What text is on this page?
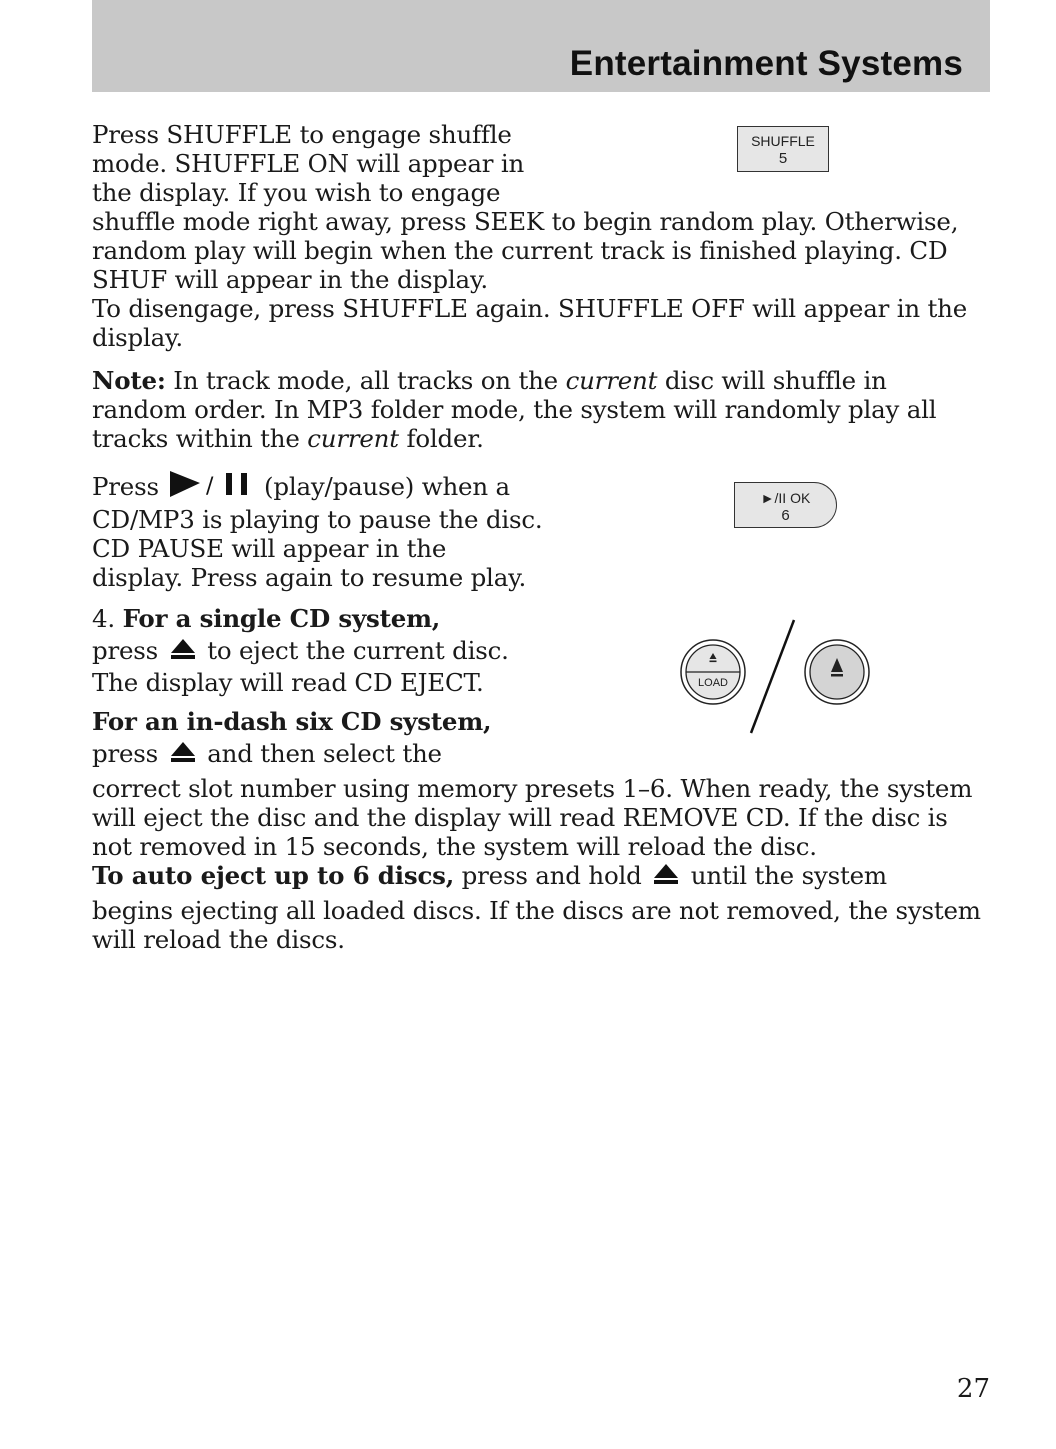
Entertainment Systems
Press SHUFFLE to engage shuffle
mode. SHUFFLE ON will appear in
the display. If you wish to engage
shuffle mode right away, press SEEK to begin random play. Otherwise,
random play will begin when the current track is finished playing. CD
SHUF will appear in the display.
To disengage, press SHUFFLE again. SHUFFLE OFF will appear in the
display.
SHUFFLE
5
Note: In track mode, all tracks on the current disc will shuffle in
random order. In MP3 folder mode, the system will randomly play all
tracks within the current folder.
Press / (play/pause) when a
CD/MP3 is playing to pause the disc.
CD PAUSE will appear in the
display. Press again to resume play.
►/II OK
6
4. For a single CD system,
press  to eject the current disc.
The display will read CD EJECT.
For an in-dash six CD system,
press  and then select the
correct slot number using memory presets 1–6. When ready, the system
will eject the disc and the display will read REMOVE CD. If the disc is
not removed in 15 seconds, the system will reload the disc.
To auto eject up to 6 discs, press and hold  until the system
begins ejecting all loaded discs. If the discs are not removed, the system
will reload the discs.
LOAD
27
